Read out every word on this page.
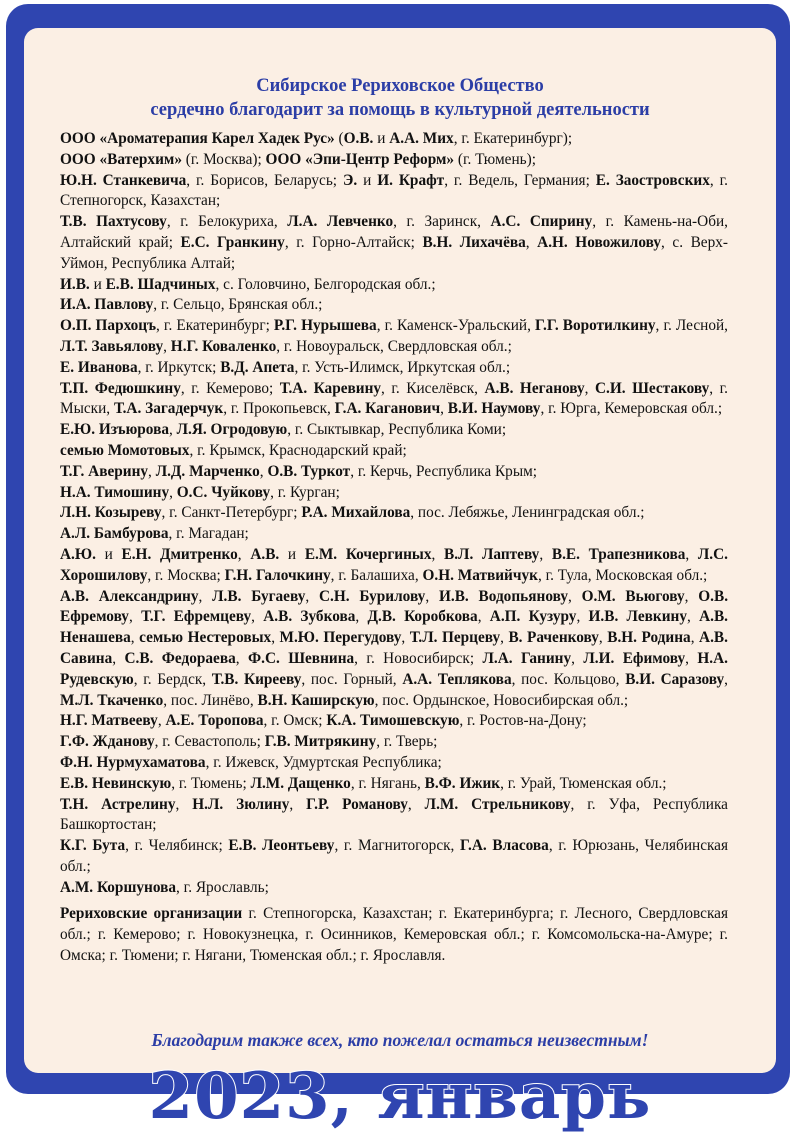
Сибирское Рериховское Общество
сердечно благодарит за помощь в культурной деятельности

ООО «Ароматерапия Карел Хадек Рус» (О.В. и А.А. Мих, г. Екатеринбург);

ООО «Ватерхим» (г. Москва); ООО «Эпи-Центр Реформ» (г. Тюмень);

Ю.Н. Станкевича, г. Борисов, Беларусь; Э. и И. Крафт, г. Ведель, Германия; Е. Заостровских, г. Степногорск, Казахстан;

Т.В. Пахтусову, г. Белокуриха, Л.А. Левченко, г. Заринск, А.С. Спирину, г. Камень-на-Оби, Алтайский край; Е.С. Гранкину, г. Горно-Алтайск; В.Н. Лихачёва, А.Н. Новожилову, с. Верх-Уймон, Республика Алтай;

И.В. и Е.В. Шадчиных, с. Головчино, Белгородская обл.;

И.А. Павлову, г. Сельцо, Брянская обл.;

О.П. Пархоцъ, г. Екатеринбург; Р.Г. Нурышева, г. Каменск-Уральский, Г.Г. Воротилкину, г. Лесной, Л.Т. Завьялову, Н.Г. Коваленко, г. Новоуральск, Свердловская обл.;

Е. Иванова, г. Иркутск; В.Д. Апета, г. Усть-Илимск, Иркутская обл.;

Т.П. Федюшкину, г. Кемерово; Т.А. Каревину, г. Киселёвск, А.В. Неганову, С.И. Шестакову, г. Мыски, Т.А. Загадерчук, г. Прокопьевск, Г.А. Каганович, В.И. Наумову, г. Юрга, Кемеровская обл.;

Е.Ю. Изъюрова, Л.Я. Огродовую, г. Сыктывкар, Республика Коми;

семью Момотовых, г. Крымск, Краснодарский край;

Т.Г. Аверину, Л.Д. Марченко, О.В. Туркот, г. Керчь, Республика Крым;

Н.А. Тимошину, О.С. Чуйкову, г. Курган;

Л.Н. Козыреву, г. Санкт-Петербург; Р.А. Михайлова, пос. Лебяжье, Ленинградская обл.;

А.Л. Бамбурова, г. Магадан;

А.Ю. и Е.Н. Дмитренко, А.В. и Е.М. Кочергиных, В.Л. Лаптеву, В.Е. Трапезникова, Л.С. Хорошилову, г. Москва; Г.Н. Галочкину, г. Балашиха, О.Н. Матвийчук, г. Тула, Московская обл.;

А.В. Александрину, Л.В. Бугаеву, С.Н. Бурилову, И.В. Водопьянову, О.М. Вьюгову, О.В. Ефремову, Т.Г. Ефремцеву, А.В. Зубкова, Д.В. Коробкова, А.П. Кузуру, И.В. Левкину, А.В. Ненашева, семью Нестеровых, М.Ю. Перегудову, Т.Л. Перцеву, В. Раченкову, В.Н. Родина, А.В. Савина, С.В. Федораева, Ф.С. Шевнина, г. Новосибирск; Л.А. Ганину, Л.И. Ефимову, Н.А. Рудевскую, г. Бердск, Т.В. Кирееву, пос. Горный, А.А. Теплякова, пос. Кольцово, В.И. Саразову, М.Л. Ткаченко, пос. Линёво, В.Н. Каширскую, пос. Ордынское, Новосибирская обл.;

Н.Г. Матвееву, А.Е. Торопова, г. Омск; К.А. Тимошевскую, г. Ростов-на-Дону;

Г.Ф. Жданову, г. Севастополь; Г.В. Митрякину, г. Тверь;

Ф.Н. Нурмухаматова, г. Ижевск, Удмуртская Республика;

Е.В. Невинскую, г. Тюмень; Л.М. Дащенко, г. Нягань, В.Ф. Ижик, г. Урай, Тюменская обл.;

Т.Н. Астрелину, Н.Л. Зюлину, Г.Р. Романову, Л.М. Стрельникову, г. Уфа, Республика Башкортостан;

К.Г. Бута, г. Челябинск; Е.В. Леонтьеву, г. Магнитогорск, Г.А. Власова, г. Юрюзань, Челябинская обл.;

А.М. Коршунова, г. Ярославль;

Рериховские организации г. Степногорска, Казахстан; г. Екатеринбурга; г. Лесного, Свердловская обл.; г. Кемерово; г. Новокузнецка, г. Осинников, Кемеровская обл.; г. Комсомольска-на-Амуре; г. Омска; г. Тюмени; г. Нягани, Тюменская обл.; г. Ярославля.

Благодарим также всех, кто пожелал остаться неизвестным!
2023, январь
